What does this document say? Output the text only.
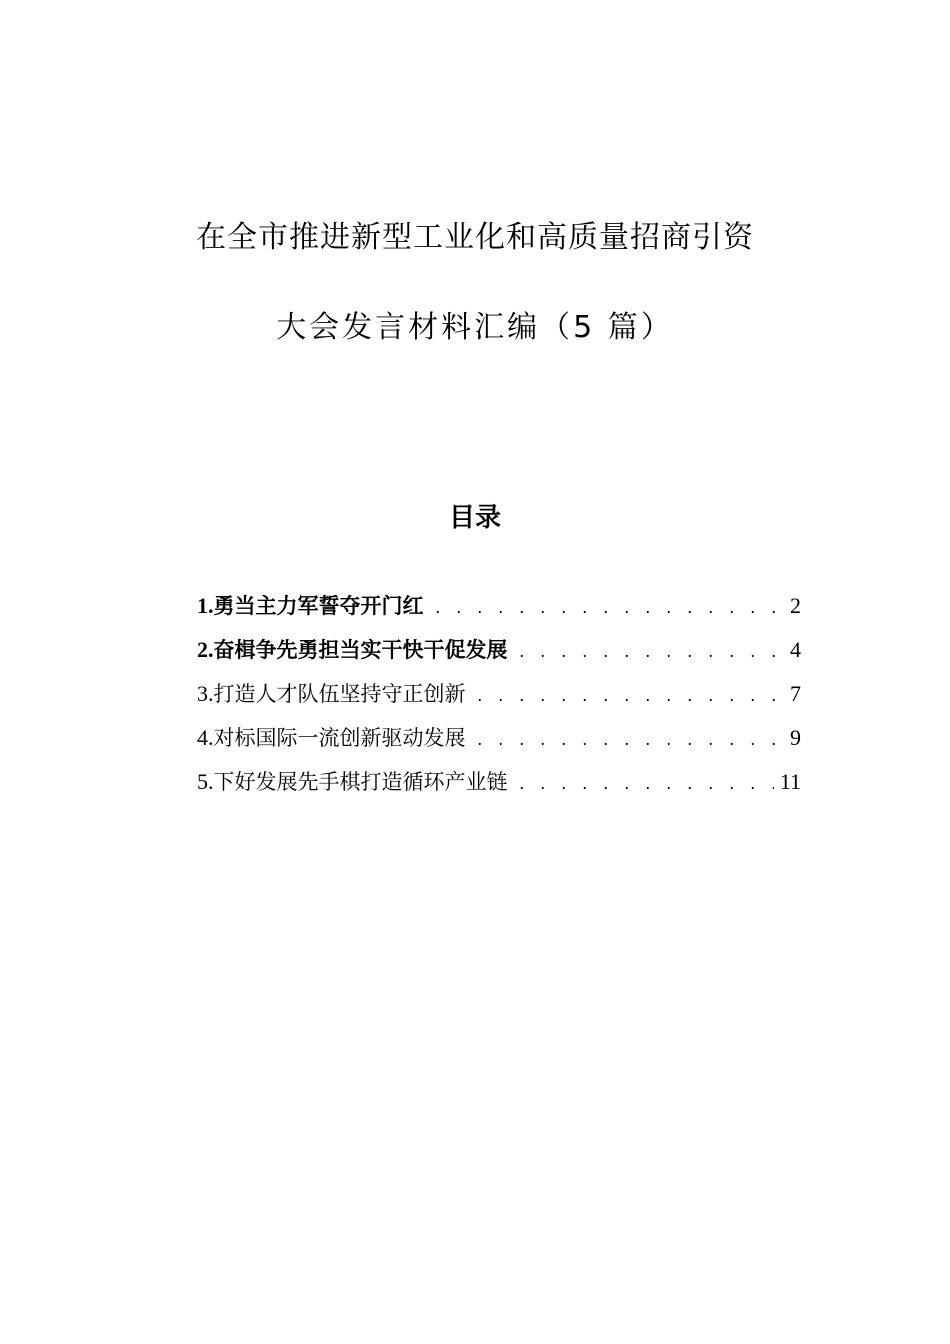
在全市推进新型工业化和高质量招商引资
大会发言材料汇编（5 篇）
目录
1. 勇当主力军誓夺开门红 . . .	2
2. 奋楫争先勇担当实干快干促发展 . . .	4
3. 打造人才队伍坚持守正创新 . . .	7
4. 对标国际一流创新驱动发展 . . .	9
5. 下好发展先手棋打造循环产业链 . . .	11
